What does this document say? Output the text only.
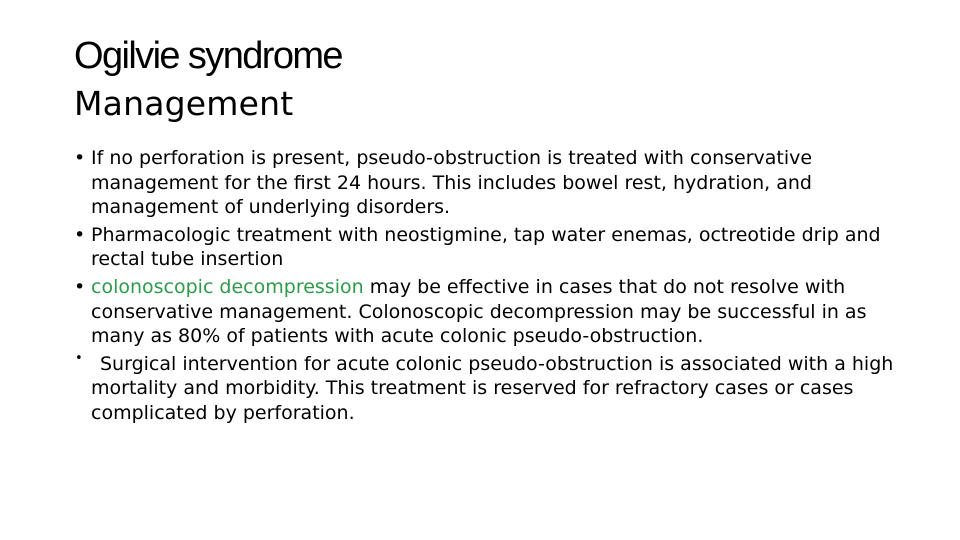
Ogilvie syndrome
Management
• If no perforation is present, pseudo-obstruction is treated with conservative management for the first 24 hours. This includes bowel rest, hydration, and management of underlying disorders.
• Pharmacologic treatment with neostigmine, tap water enemas, octreotide drip and rectal tube insertion
• colonoscopic decompression may be effective in cases that do not resolve with conservative management. Colonoscopic decompression may be successful in as many as 80% of patients with acute colonic pseudo-obstruction.
• Surgical intervention for acute colonic pseudo-obstruction is associated with a high mortality and morbidity. This treatment is reserved for refractory cases or cases complicated by perforation.
